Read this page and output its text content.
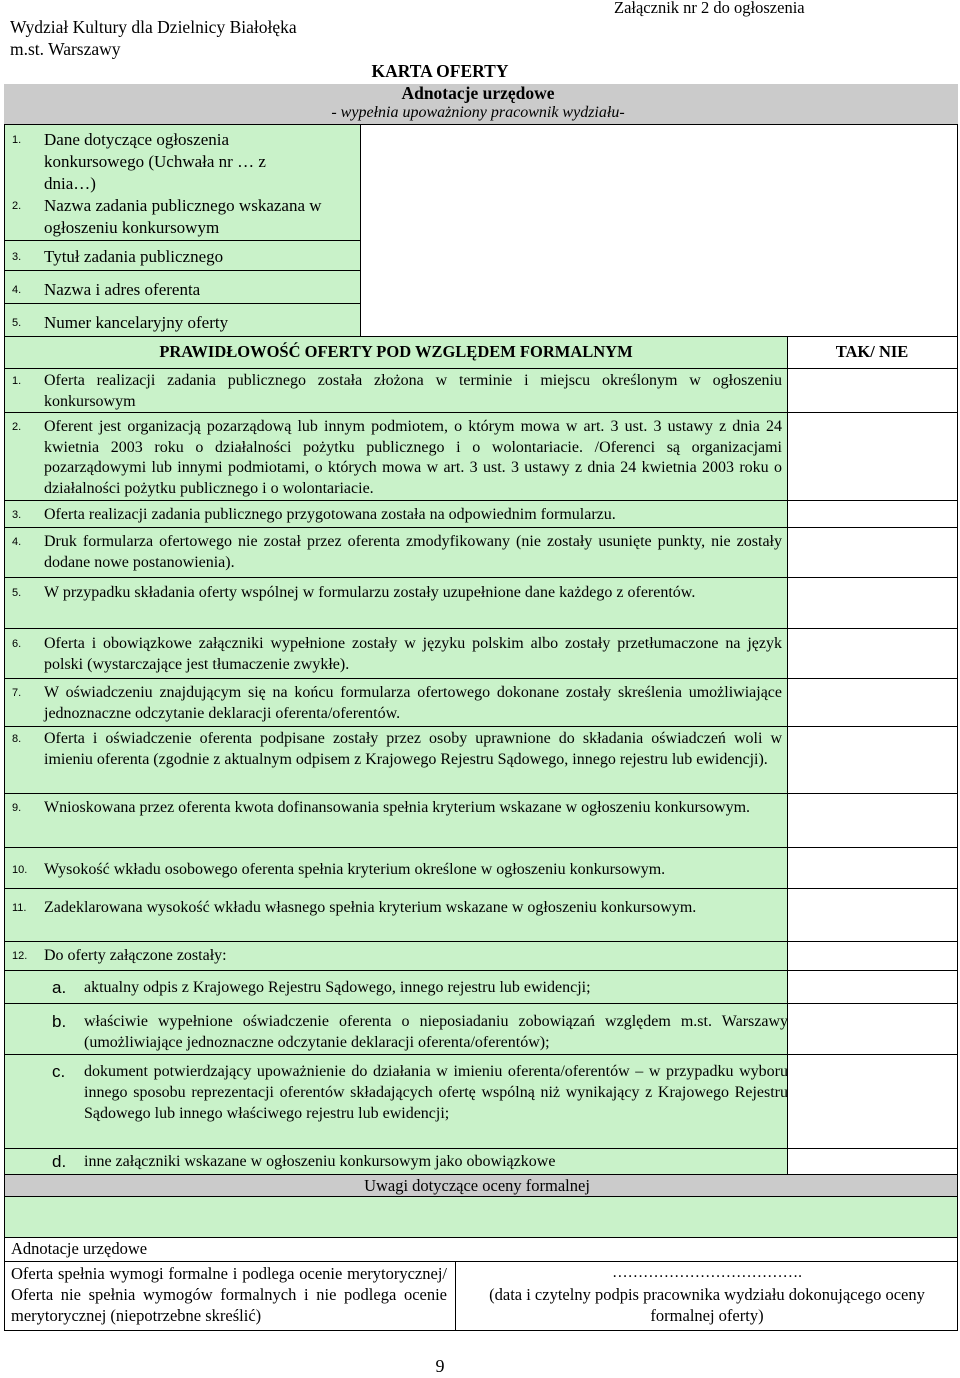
Wydział Kultury dla Dzielnicy Białołęka
m.st. Warszawy
Załącznik nr 2 do ogłoszenia
KARTA OFERTY
Adnotacje urzędowe
- wypełnia upoważniony pracownik wydziału-
1. Dane dotyczące ogłoszenia konkursowego (Uchwała nr … z dnia…)
2. Nazwa zadania publicznego wskazana w ogłoszeniu konkursowym
3. Tytuł zadania publicznego
4. Nazwa i adres oferenta
5. Numer kancelaryjny oferty
PRAWIDŁOWOŚĆ OFERTY POD WZGLĘDEM FORMALNYM	TAK/ NIE
1. Oferta realizacji zadania publicznego została złożona w terminie i miejscu określonym w ogłoszeniu konkursowym
2. Oferent jest organizacją pozarządową lub innym podmiotem, o którym mowa w art. 3 ust. 3 ustawy z dnia 24 kwietnia 2003 roku o działalności pożytku publicznego i o wolontariacie. /Oferenci są organizacjami pozarządowymi lub innymi podmiotami, o których mowa w art. 3 ust. 3 ustawy z dnia 24 kwietnia 2003 roku o działalności pożytku publicznego i o wolontariacie.
3. Oferta realizacji zadania publicznego przygotowana została na odpowiednim formularzu.
4. Druk formularza ofertowego nie został przez oferenta zmodyfikowany (nie zostały usunięte punkty, nie zostały dodane nowe postanowienia).
5. W przypadku składania oferty wspólnej w formularzu zostały uzupełnione dane każdego z oferentów.
6. Oferta i obowiązkowe załączniki wypełnione zostały w języku polskim albo zostały przetłumaczone na język polski (wystarczające jest tłumaczenie zwykłe).
7. W oświadczeniu znajdującym się na końcu formularza ofertowego dokonane zostały skreślenia umożliwiające jednoznaczne odczytanie deklaracji oferenta/oferentów.
8. Oferta i oświadczenie oferenta podpisane zostały przez osoby uprawnione do składania oświadczeń woli w imieniu oferenta (zgodnie z aktualnym odpisem z Krajowego Rejestru Sądowego, innego rejestru lub ewidencji).
9. Wnioskowana przez oferenta kwota dofinansowania spełnia kryterium wskazane w ogłoszeniu konkursowym.
10. Wysokość wkładu osobowego oferenta spełnia kryterium określone w ogłoszeniu konkursowym.
11. Zadeklarowana wysokość wkładu własnego spełnia kryterium wskazane w ogłoszeniu konkursowym.
12. Do oferty załączone zostały:
a. aktualny odpis z Krajowego Rejestru Sądowego, innego rejestru lub ewidencji;
b. właściwie wypełnione oświadczenie oferenta o nieposiadaniu zobowiązań względem m.st. Warszawy (umożliwiające jednoznaczne odczytanie deklaracji oferenta/oferentów);
c. dokument potwierdzający upoważnienie do działania w imieniu oferenta/oferentów – w przypadku wyboru innego sposobu reprezentacji oferentów składających ofertę wspólną niż wynikający z Krajowego Rejestru Sądowego lub innego właściwego rejestru lub ewidencji;
d. inne załączniki wskazane w ogłoszeniu konkursowym jako obowiązkowe
Uwagi dotyczące oceny formalnej
Adnotacje urzędowe
Oferta spełnia wymogi formalne i podlega ocenie merytorycznej/ Oferta nie spełnia wymogów formalnych i nie podlega ocenie merytorycznej (niepotrzebne skreślić)
……………………………….
(data i czytelny podpis pracownika wydziału dokonującego oceny formalnej oferty)
9
